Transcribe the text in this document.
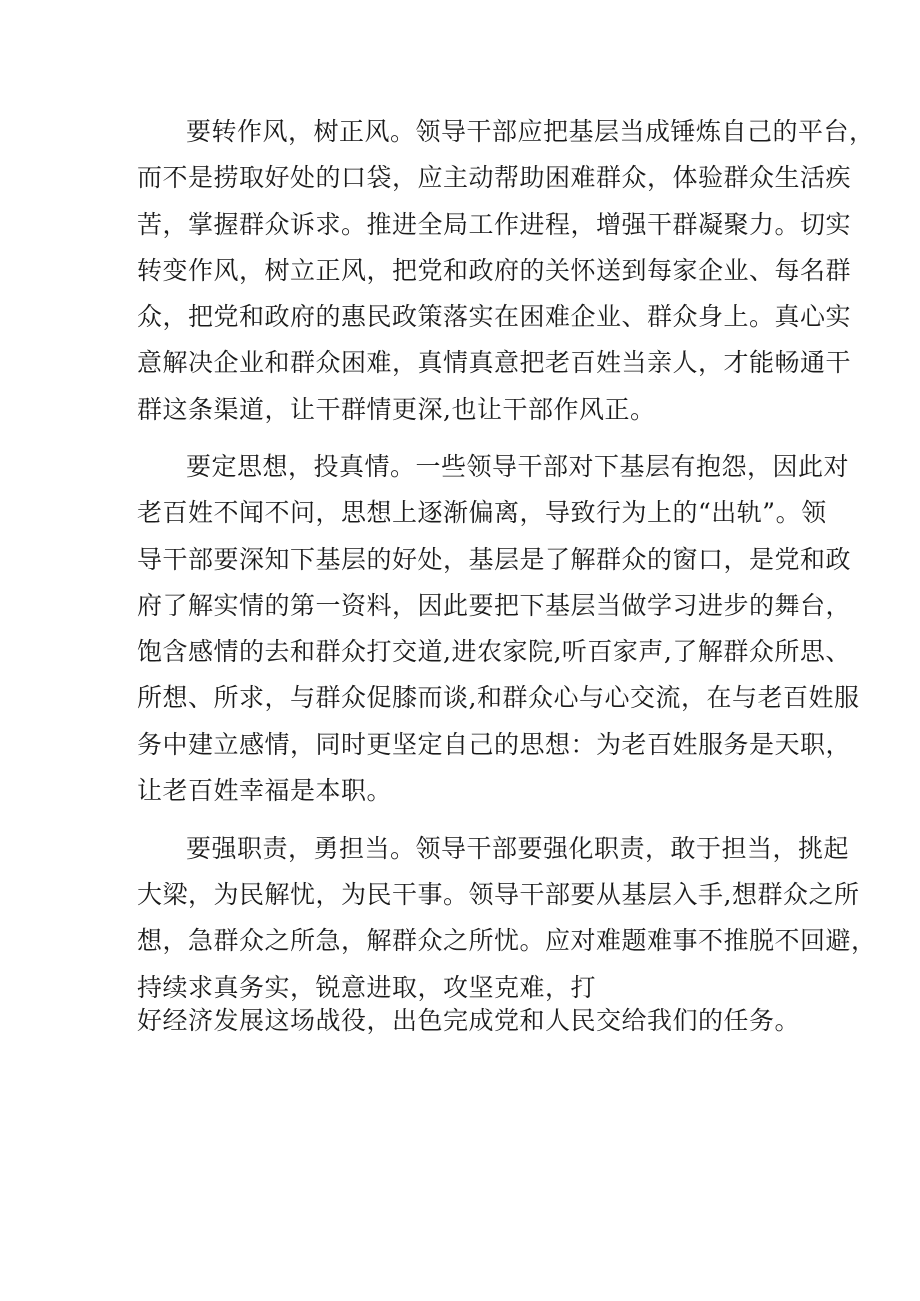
要转作风，树正风。领导干部应把基层当成锤炼自己的平台，
而不是捞取好处的口袋，应主动帮助困难群众，体验群众生活疾
苦，掌握群众诉求。推进全局工作进程，增强干群凝聚力。切实
转变作风，树立正风，把党和政府的关怀送到每家企业、每名群
众，把党和政府的惠民政策落实在困难企业、群众身上。真心实
意解决企业和群众困难，真情真意把老百姓当亲人，才能畅通干
群这条渠道，让干群情更深,也让干部作风正。
要定思想，投真情。一些领导干部对下基层有抱怨，因此对
老百姓不闻不问，思想上逐渐偏离，导致行为上的“出轨”。领
导干部要深知下基层的好处，基层是了解群众的窗口，是党和政
府了解实情的第一资料，因此要把下基层当做学习进步的舞台，
饱含感情的去和群众打交道,进农家院,听百家声,了解群众所思、
所想、所求，与群众促膝而谈,和群众心与心交流，在与老百姓服
务中建立感情，同时更坚定自己的思想：为老百姓服务是天职，
让老百姓幸福是本职。
要强职责，勇担当。领导干部要强化职责，敢于担当，挑起
大梁，为民解忧，为民干事。领导干部要从基层入手,想群众之所
想，急群众之所急，解群众之所忧。应对难题难事不推脱不回避，
持续求真务实，锐意进取，攻坚克难，打
好经济发展这场战役，出色完成党和人民交给我们的任务。
